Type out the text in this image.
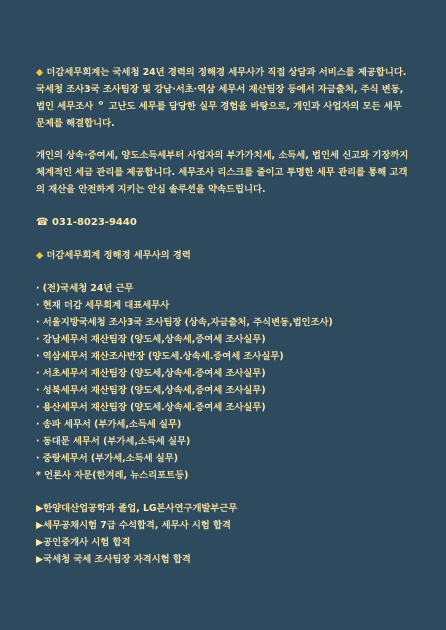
◆ 더감세무회계는 국세청 24년 경력의 정해경 세무사가 직접 상담과 서비스를 제공합니다. 국세청 조사3국 조사팀장 및 강남·서초·역삼 세무서 재산팀장 등에서 자금출처, 주식 변동, 법인 세무조사 ᄋ 고난도 세무를 담당한 실무 경험을 바탕으로, 개인과 사업자의 모든 세무 문제를 해결합니다.

개인의 상속·증여세, 양도소득세부터 사업자의 부가가치세, 소득세, 법인세 신고와 기장까지 체계적인 세금 관리를 제공합니다. 세무조사 리스크를 줄이고 투명한 세무 관리를 통해 고객의 재산을 안전하게 지키는 안심 솔루션을 약속드립니다.

☎ 031-8023-9440

◆ 더감세무회계 정해경 세무사의 경력

· (전)국세청 24년 근무
· 현재 더감 세무회계 대표세무사
· 서울지방국세청 조사3국 조사팀장 (상속,자금출처, 주식변동,법인조사)
· 강남세무서 재산팀장 (양도세,상속세,증여세 조사실무)
· 역삼세무서 재산조사반장 (양도세.상속세.증여세 조사실무)
· 서초세무서 재산팀장 (양도세,상속세.증여세 조사실무)
· 성북세무서 재산팀장 (양도세,상속세,증여세 조사실무)
· 용산세무서 재산팀장 (양도세.상속세.증여세 조사실무)
· 송파 세무서 (부가세,소득세 실무)
· 동대문 세무서 (부가세,소득세 실무)
· 중랑세무서 (부가세,소득세 실무)
* 언론사 자문(한겨레, 뉴스리포트등)
▶한양대산업공학과 졸업, LG본사연구개발부근무
▶세무공채시험 7급 수석합격, 세무사 시험 합격
▶공인중개사 시험 합격
▶국세청 국세 조사팀장 자격시험 합격
